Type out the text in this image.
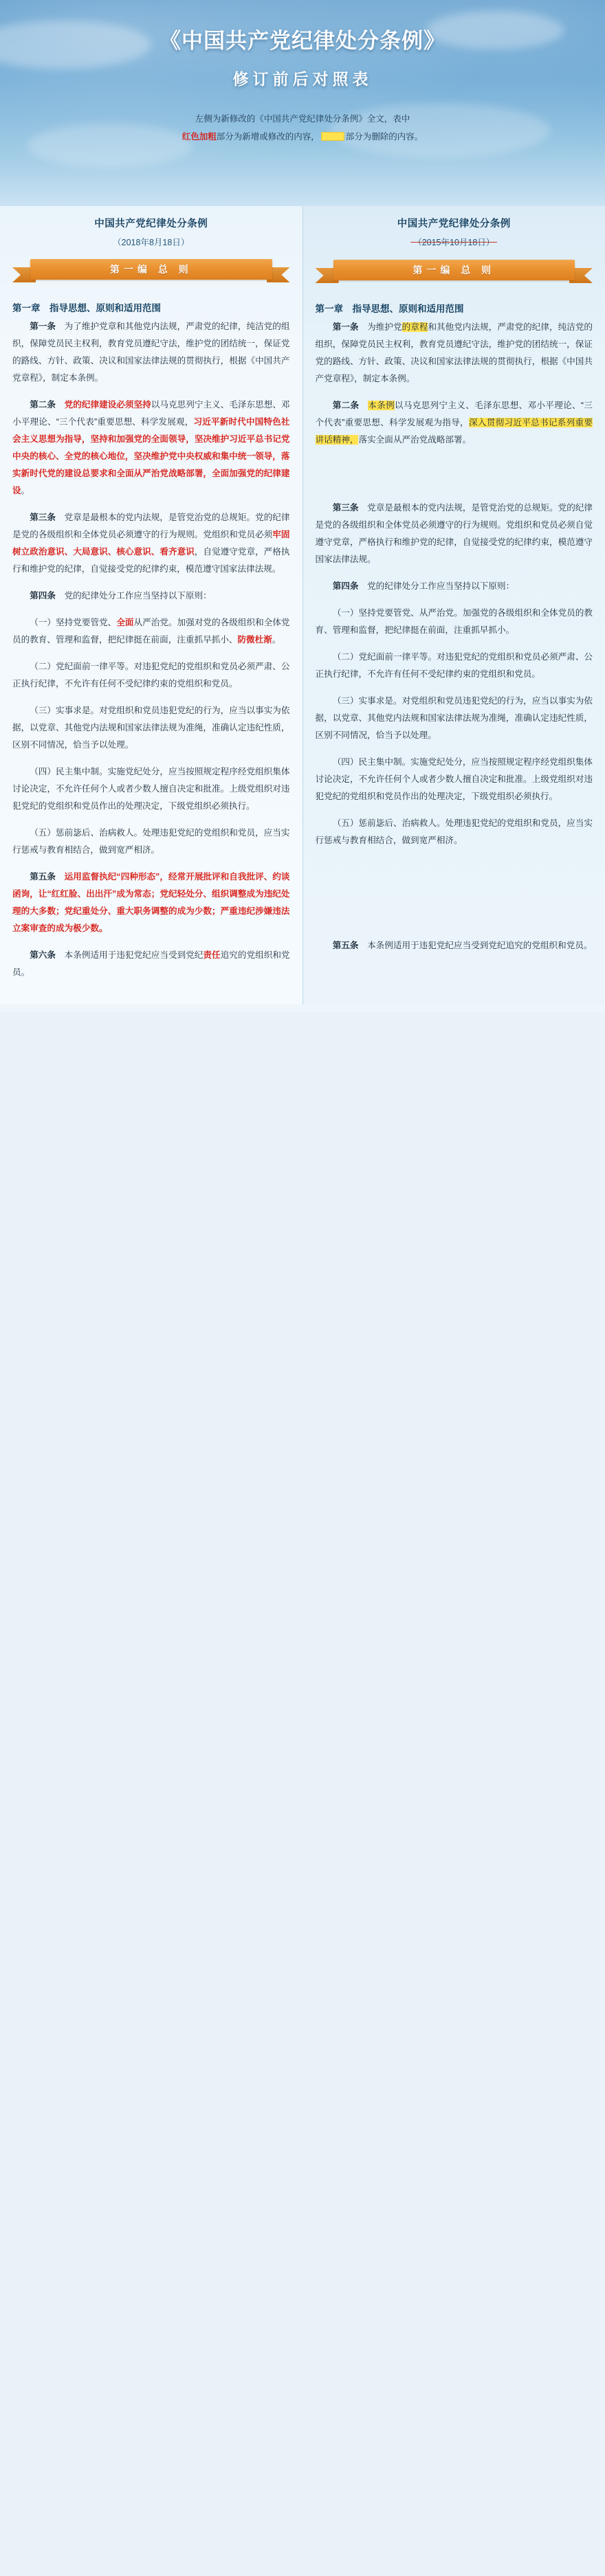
《中国共产党纪律处分条例》
修订前后对照表
左侧为新修改的《中国共产党纪律处分条例》全文，表中
红色加粗部分为新增或修改的内容，	部分为删除的内容。
中国共产党纪律处分条例
（2018年8月18日）
第一编 总 则
第一章　指导思想、原则和适用范围

第一条　为了维护党章和其他党内法规，严肃党的纪律，纯洁党的组织，保障党员民主权利，教育党员遵纪守法，维护党的团结统一，保证党的路线、方针、政策、决议和国家法律法规的贯彻执行，根据《中国共产党章程》，制定本条例。

第二条　党的纪律建设必须坚持以马克思列宁主义、毛泽东思想、邓小平理论、“三个代表”重要思想、科学发展观，习近平新时代中国特色社会主义思想为指导，坚持和加强党的全面领导，坚决维护习近平总书记党中央的核心、全党的核心地位，坚决维护党中央权威和集中统一领导，落实新时代党的建设总要求和全面从严治党战略部署，全面加强党的纪律建设。

第三条　党章是最根本的党内法规，是管党治党的总规矩。党的纪律是党的各级组织和全体党员必须遵守的行为规则。党组织和党员必须牢固树立政治意识、大局意识、核心意识、看齐意识，自觉遵守党章，严格执行和维护党的纪律，自觉接受党的纪律约束，模范遵守国家法律法规。

第四条　党的纪律处分工作应当坚持以下原则：

（一）坚持党要管党、全面从严治党。加强对党的各级组织和全体党员的教育、管理和监督，把纪律挺在前面，注重抓早抓小、防微杜渐。

（二）党纪面前一律平等。对违犯党纪的党组织和党员必须严肃、公正执行纪律，不允许有任何不受纪律约束的党组织和党员。

（三）实事求是。对党组织和党员违犯党纪的行为，应当以事实为依据，以党章、其他党内法规和国家法律法规为准绳，准确认定违纪性质，区别不同情况，恰当予以处理。

（四）民主集中制。实施党纪处分，应当按照规定程序经党组织集体讨论决定，不允许任何个人或者少数人擅自决定和批准。上级党组织对违犯党纪的党组织和党员作出的处理决定，下级党组织必须执行。

（五）惩前毖后、治病救人。处理违犯党纪的党组织和党员，应当实行惩戒与教育相结合，做到宽严相济。

第五条　运用监督执纪“四种形态”，经常开展批评和自我批评、约谈函询，让“红红脸、出出汗”成为常态；党纪轻处分、组织调整成为违纪处理的大多数；党纪重处分、重大职务调整的成为少数；严重违纪涉嫌违法立案审查的成为极少数。

第六条　本条例适用于违犯党纪应当受到党纪责任追究的党组织和党员。

中国共产党纪律处分条例
（2015年10月18日）
第一编 总 则
第一章　指导思想、原则和适用范围

第一条　为维护党的章程和其他党内法规，严肃党的纪律，纯洁党的组织，保障党员民主权利，教育党员遵纪守法，维护党的团结统一，保证党的路线、方针、政策、决议和国家法律法规的贯彻执行，根据《中国共产党章程》，制定本条例。

第二条　本条例以马克思列宁主义、毛泽东思想、邓小平理论、“三个代表”重要思想、科学发展观为指导，深入贯彻习近平总书记系列重要讲话精神，落实全面从严治党战略部署。

第三条　党章是最根本的党内法规，是管党治党的总规矩。党的纪律是党的各级组织和全体党员必须遵守的行为规则。党组织和党员必须自觉遵守党章，严格执行和维护党的纪律，自觉接受党的纪律约束，模范遵守国家法律法规。

第四条　党的纪律处分工作应当坚持以下原则：

（一）坚持党要管党、从严治党。加强党的各级组织和全体党员的教育、管理和监督，把纪律挺在前面，注重抓早抓小。

（二）党纪面前一律平等。对违犯党纪的党组织和党员必须严肃、公正执行纪律，不允许有任何不受纪律约束的党组织和党员。

（三）实事求是。对党组织和党员违犯党纪的行为，应当以事实为依据，以党章、其他党内法规和国家法律法规为准绳，准确认定违纪性质，区别不同情况，恰当予以处理。

（四）民主集中制。实施党纪处分，应当按照规定程序经党组织集体讨论决定，不允许任何个人或者少数人擅自决定和批准。上级党组织对违犯党纪的党组织和党员作出的处理决定，下级党组织必须执行。

（五）惩前毖后、治病救人。处理违犯党纪的党组织和党员，应当实行惩戒与教育相结合，做到宽严相济。

第五条　本条例适用于违犯党纪应当受到党纪追究的党组织和党员。
